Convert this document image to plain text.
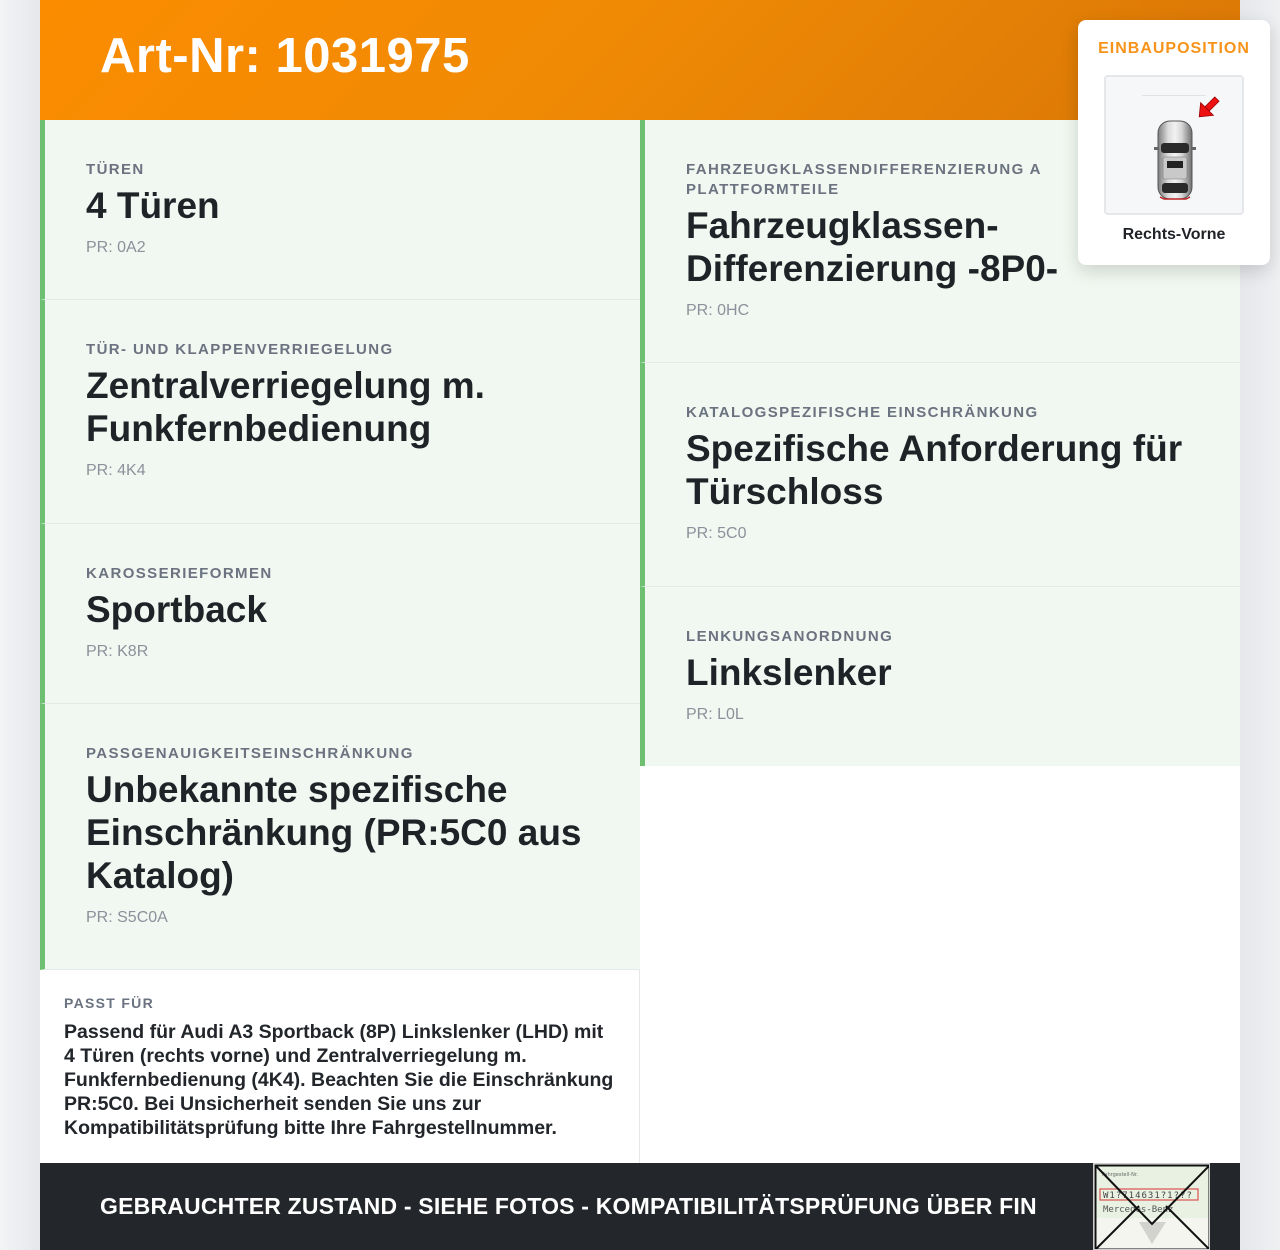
Art-Nr: 1031975
TÜREN
4 Türen
PR: 0A2
TÜR- UND KLAPPENVERRIEGELUNG
Zentralverriegelung m. Funkfernbedienung
PR: 4K4
KAROSSERIEFORMEN
Sportback
PR: K8R
PASSGENAUIGKEITSEINSCHRÄNKUNG
Unbekannte spezifische Einschränkung (PR:5C0 aus Katalog)
PR: S5C0A
FAHRZEUGKLASSENDIFFERENZIERUNG A PLATTFORMTEILE
Fahrzeugklassen-Differenzierung -8P0-
PR: 0HC
KATALOGSPEZIFISCHE EINSCHRÄNKUNG
Spezifische Anforderung für Türschloss
PR: 5C0
LENKUNGSANORDNUNG
Linkslenker
PR: L0L
PASST FÜR
Passend für Audi A3 Sportback (8P) Linkslenker (LHD) mit 4 Türen (rechts vorne) und Zentralverriegelung m. Funkfernbedienung (4K4). Beachten Sie die Einschränkung PR:5C0. Bei Unsicherheit senden Sie uns zur Kompatibilitätsprüfung bitte Ihre Fahrgestellnummer.
GEBRAUCHTER ZUSTAND - SIEHE FOTOS - KOMPATIBILITÄTSPRÜFUNG ÜBER FIN
Fahrgestell-Nr.
W1?714631?1???
Mercedes-Benz
EINBAUPOSITION
Rechts-Vorne
